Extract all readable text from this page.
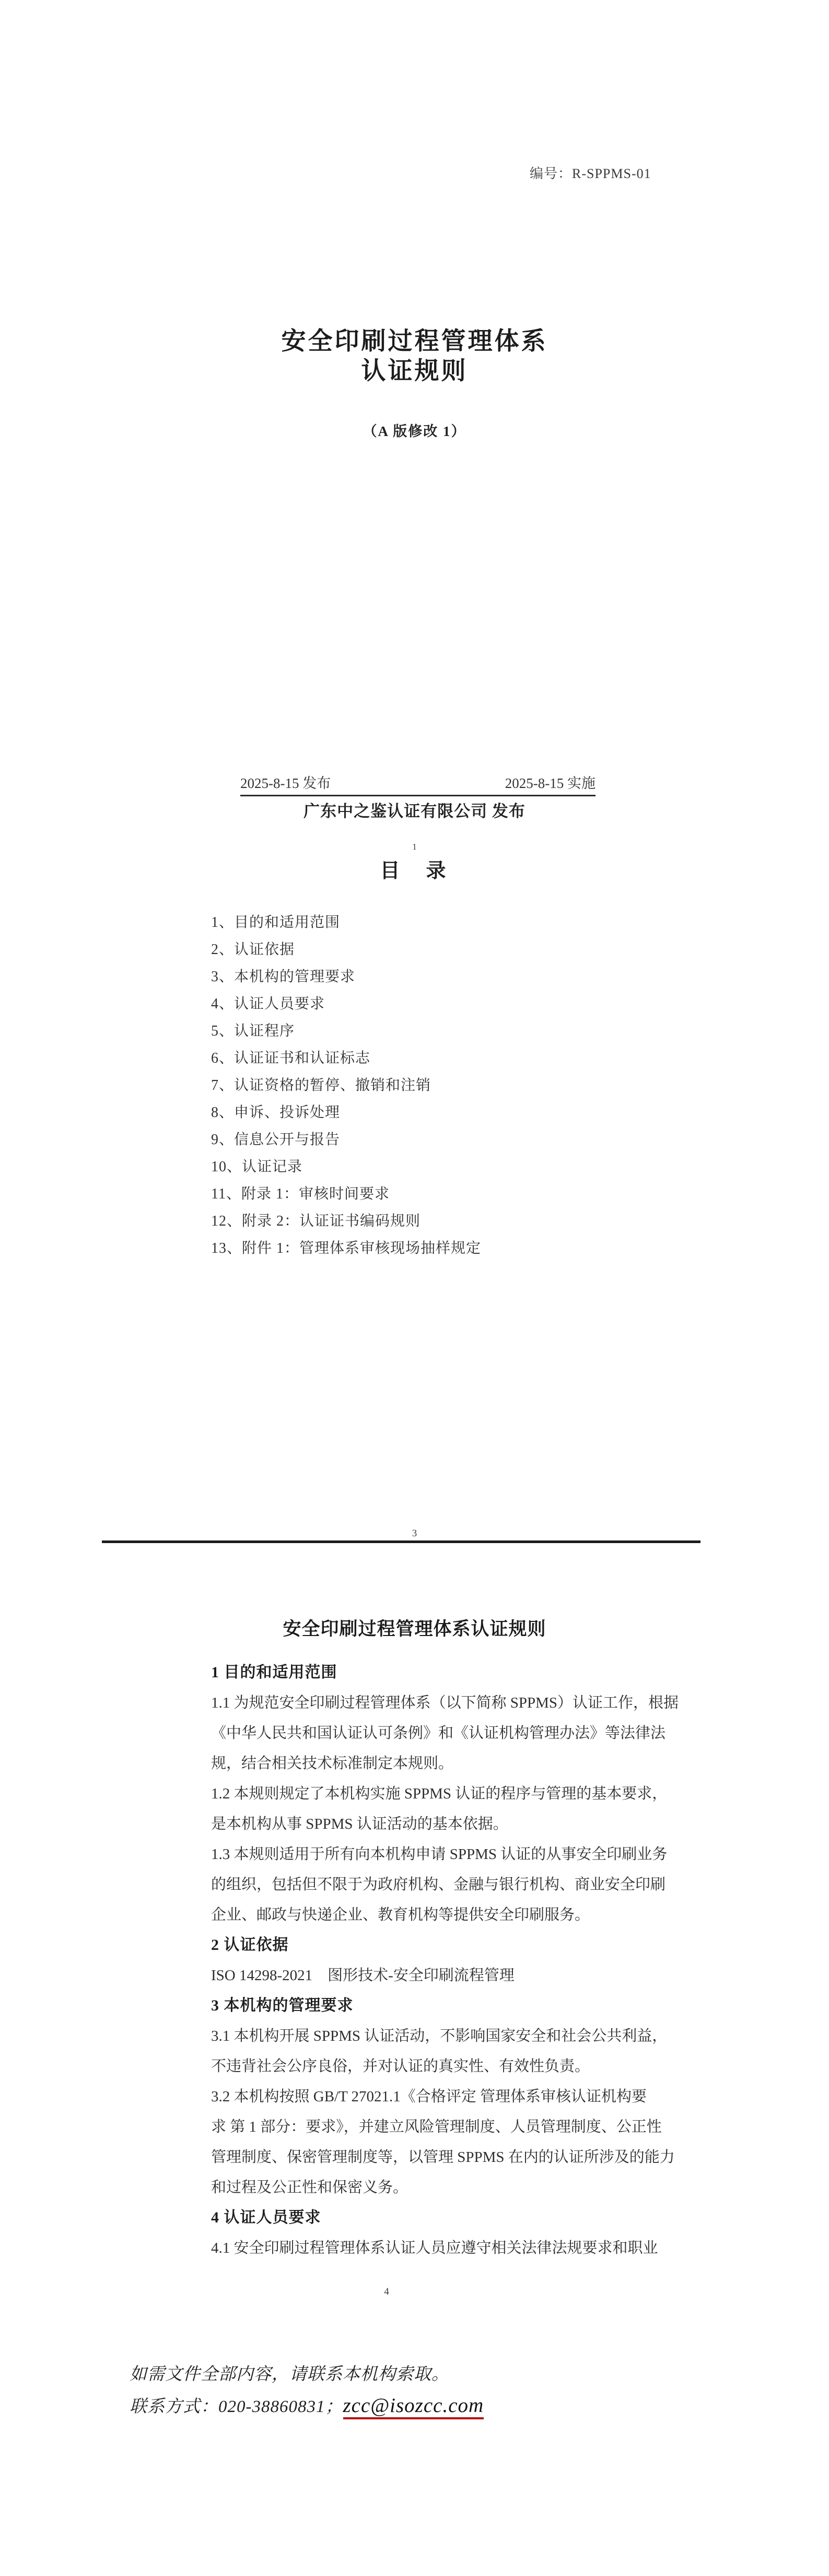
编号：R-SPPMS-01
安全印刷过程管理体系
认证规则
（A 版修改 1）
2025-8-15 发布	2025-8-15 实施
广东中之鉴认证有限公司 发布
1
目　录
1、目的和适用范围
2、认证依据
3、本机构的管理要求
4、认证人员要求
5、认证程序
6、认证证书和认证标志
7、认证资格的暂停、撤销和注销
8、申诉、投诉处理
9、信息公开与报告
10、认证记录
11、附录 1：审核时间要求
12、附录 2：认证证书编码规则
13、附件 1：管理体系审核现场抽样规定
3
安全印刷过程管理体系认证规则
1 目的和适用范围
1.1 为规范安全印刷过程管理体系（以下简称 SPPMS）认证工作，根据
《中华人民共和国认证认可条例》和《认证机构管理办法》等法律法
规，结合相关技术标准制定本规则。
1.2 本规则规定了本机构实施 SPPMS 认证的程序与管理的基本要求，
是本机构从事 SPPMS 认证活动的基本依据。
1.3 本规则适用于所有向本机构申请 SPPMS 认证的从事安全印刷业务
的组织，包括但不限于为政府机构、金融与银行机构、商业安全印刷
企业、邮政与快递企业、教育机构等提供安全印刷服务。
2 认证依据
ISO 14298-2021　图形技术-安全印刷流程管理
3 本机构的管理要求
3.1 本机构开展 SPPMS 认证活动，不影响国家安全和社会公共利益，
不违背社会公序良俗，并对认证的真实性、有效性负责。
3.2 本机构按照 GB/T 27021.1《合格评定 管理体系审核认证机构要
求 第 1 部分：要求》，并建立风险管理制度、人员管理制度、公正性
管理制度、保密管理制度等，以管理 SPPMS 在内的认证所涉及的能力
和过程及公正性和保密义务。
4 认证人员要求
4.1 安全印刷过程管理体系认证人员应遵守相关法律法规要求和职业
4
如需文件全部内容，请联系本机构索取。
联系方式：020-38860831；zcc@isozcc.com
